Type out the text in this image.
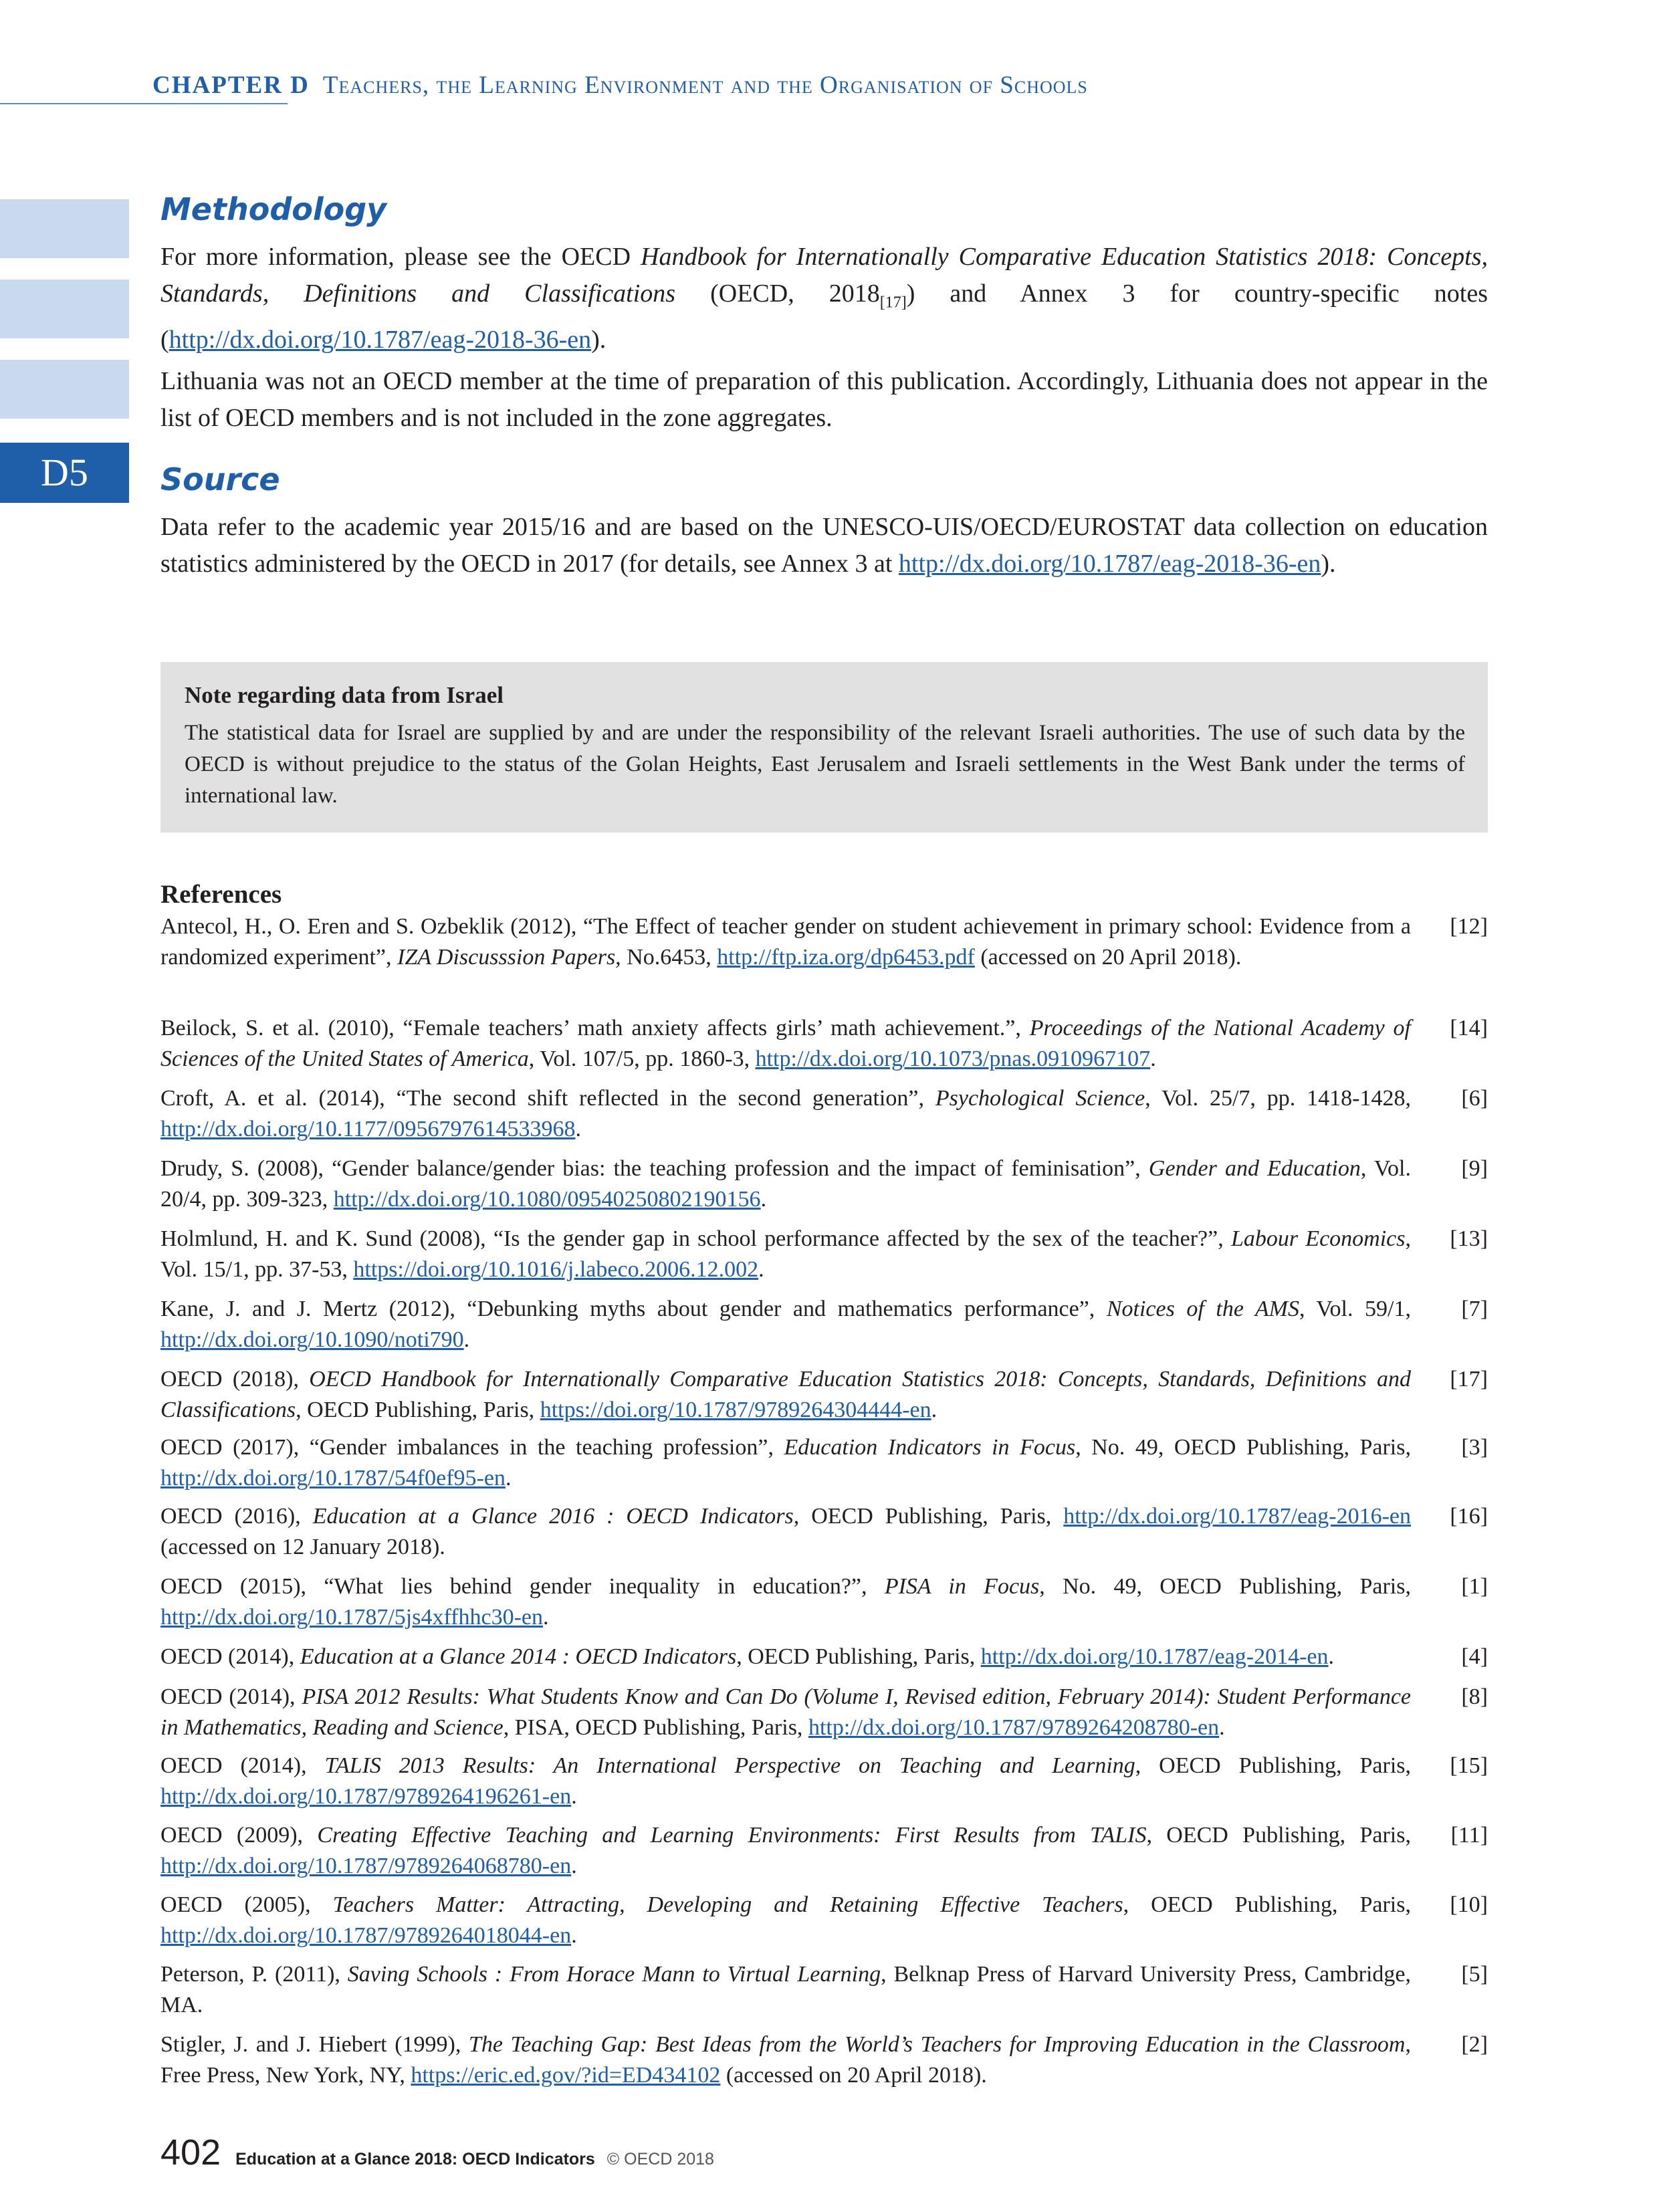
CHAPTER D Teachers, the Learning Environment and the Organisation of Schools
D5
Methodology
For more information, please see the OECD Handbook for Internationally Comparative Education Statistics 2018: Concepts, Standards, Definitions and Classifications (OECD, $2018_{[17]}$) and Annex 3 for country-specific notes (http://dx.doi.org/10.1787/eag-2018-36-en).
Lithuania was not an OECD member at the time of preparation of this publication. Accordingly, Lithuania does not appear in the list of OECD members and is not included in the zone aggregates.
Source
Data refer to the academic year 2015/16 and are based on the UNESCO-UIS/OECD/EUROSTAT data collection on education statistics administered by the OECD in 2017 (for details, see Annex 3 at http://dx.doi.org/10.1787/eag-2018-36-en).
Note regarding data from Israel
The statistical data for Israel are supplied by and are under the responsibility of the relevant Israeli authorities. The use of such data by the OECD is without prejudice to the status of the Golan Heights, East Jerusalem and Israeli settlements in the West Bank under the terms of international law.
References
Antecol, H., O. Eren and S. Ozbeklik (2012), “The Effect of teacher gender on student achievement in primary school: Evidence from a randomized experiment”, IZA Discusssion Papers, No.6453, http://ftp.iza.org/dp6453.pdf (accessed on 20 April 2018).
[12]
Beilock, S. et al. (2010), “Female teachers’ math anxiety affects girls’ math achievement.”, Proceedings of the National Academy of Sciences of the United States of America, Vol. 107/5, pp. 1860-3, http://dx.doi.org/10.1073/pnas.0910967107.
[14]
Croft, A. et al. (2014), “The second shift reflected in the second generation”, Psychological Science, Vol. 25/7, pp. 1418-1428, http://dx.doi.org/10.1177/0956797614533968.
[6]
Drudy, S. (2008), “Gender balance/gender bias: the teaching profession and the impact of feminisation”, Gender and Education, Vol. 20/4, pp. 309-323, http://dx.doi.org/10.1080/09540250802190156.
[9]
Holmlund, H. and K. Sund (2008), “Is the gender gap in school performance affected by the sex of the teacher?”, Labour Economics, Vol. 15/1, pp. 37-53, https://doi.org/10.1016/j.labeco.2006.12.002.
[13]
Kane, J. and J. Mertz (2012), “Debunking myths about gender and mathematics performance”, Notices of the AMS, Vol. 59/1, http://dx.doi.org/10.1090/noti790.
[7]
OECD (2018), OECD Handbook for Internationally Comparative Education Statistics 2018: Concepts, Standards, Definitions and Classifications, OECD Publishing, Paris, https://doi.org/10.1787/9789264304444-en.
[17]
OECD (2017), “Gender imbalances in the teaching profession”, Education Indicators in Focus, No. 49, OECD Publishing, Paris, http://dx.doi.org/10.1787/54f0ef95-en.
[3]
OECD (2016), Education at a Glance 2016 : OECD Indicators, OECD Publishing, Paris, http://dx.doi.org/10.1787/eag-2016-en (accessed on 12 January 2018).
[16]
OECD (2015), “What lies behind gender inequality in education?”, PISA in Focus, No. 49, OECD Publishing, Paris, http://dx.doi.org/10.1787/5js4xffhhc30-en.
[1]
OECD (2014), Education at a Glance 2014 : OECD Indicators, OECD Publishing, Paris, http://dx.doi.org/10.1787/eag-2014-en.	[4]
OECD (2014), PISA 2012 Results: What Students Know and Can Do (Volume I, Revised edition, February 2014): Student Performance in Mathematics, Reading and Science, PISA, OECD Publishing, Paris, http://dx.doi.org/10.1787/9789264208780-en.
[8]
OECD (2014), TALIS 2013 Results: An International Perspective on Teaching and Learning, OECD Publishing, Paris, http://dx.doi.org/10.1787/9789264196261-en.
[15]
OECD (2009), Creating Effective Teaching and Learning Environments: First Results from TALIS, OECD Publishing, Paris, http://dx.doi.org/10.1787/9789264068780-en.
[11]
OECD (2005), Teachers Matter: Attracting, Developing and Retaining Effective Teachers, OECD Publishing, Paris, http://dx.doi.org/10.1787/9789264018044-en.
[10]
Peterson, P. (2011), Saving Schools : From Horace Mann to Virtual Learning, Belknap Press of Harvard University Press, Cambridge, MA.
[5]
Stigler, J. and J. Hiebert (1999), The Teaching Gap: Best Ideas from the World’s Teachers for Improving Education in the Classroom, Free Press, New York, NY, https://eric.ed.gov/?id=ED434102 (accessed on 20 April 2018).
[2]
402 Education at a Glance 2018: OECD Indicators © OECD 2018
